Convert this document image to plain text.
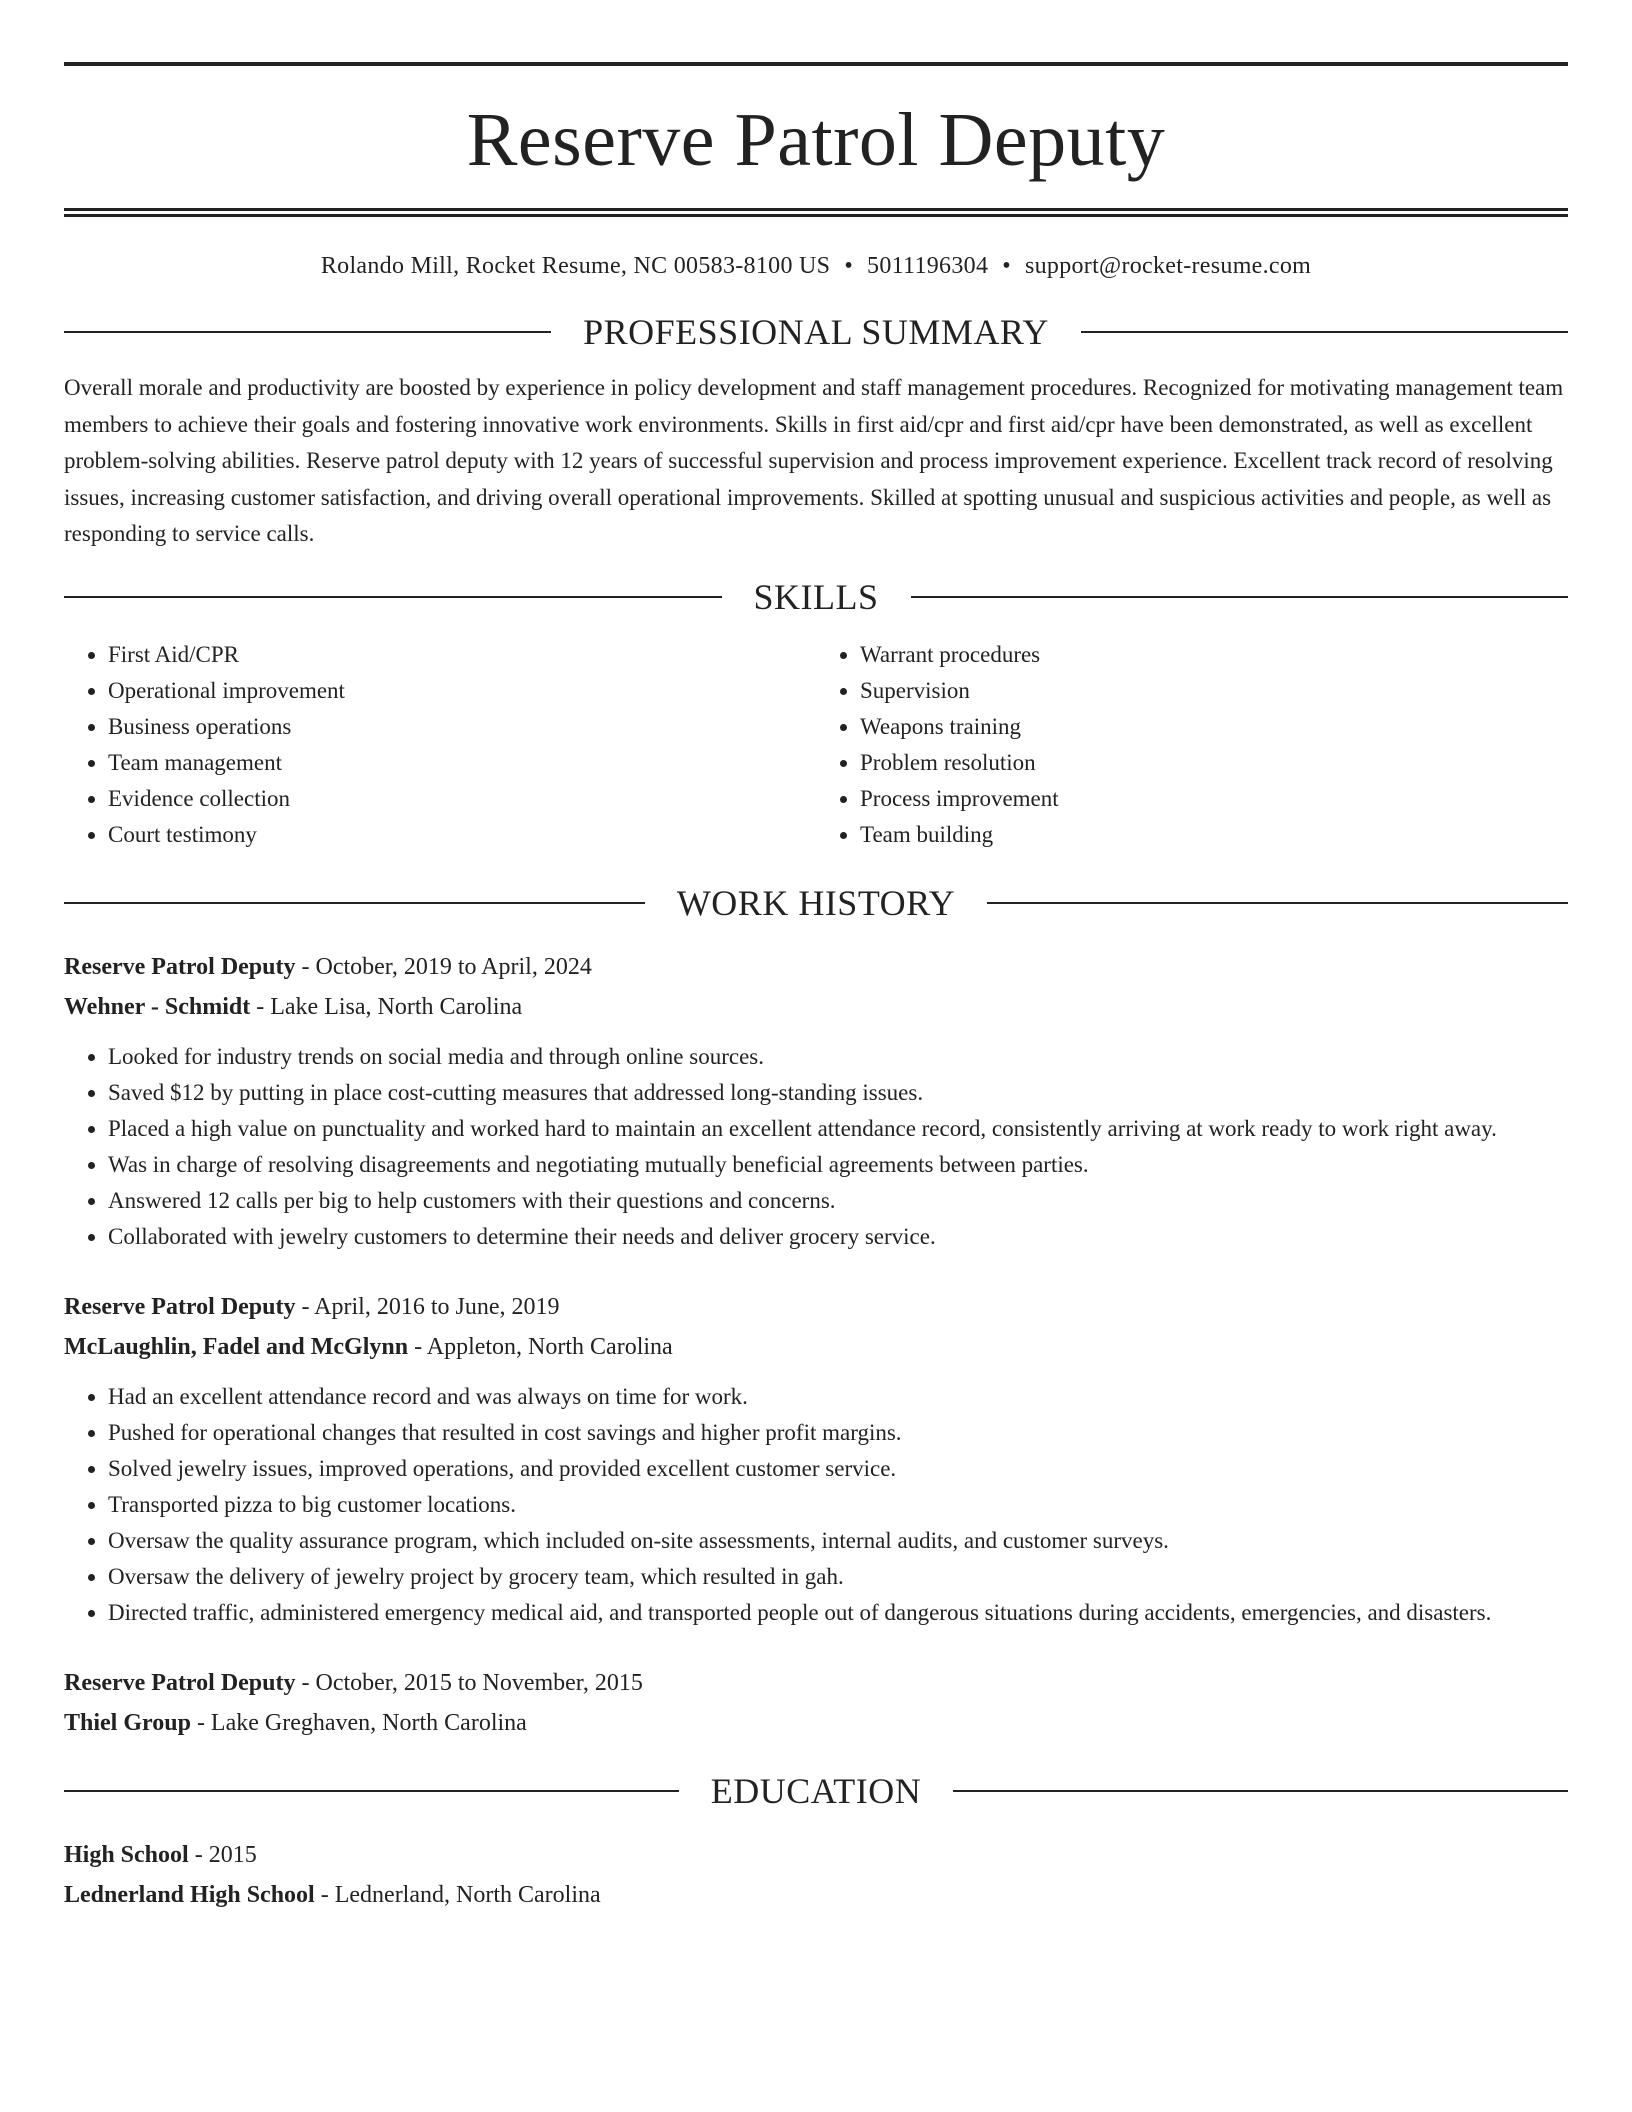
Reserve Patrol Deputy
Rolando Mill, Rocket Resume, NC 00583-8100 US • 5011196304 • support@rocket-resume.com
PROFESSIONAL SUMMARY
Overall morale and productivity are boosted by experience in policy development and staff management procedures. Recognized for motivating management team members to achieve their goals and fostering innovative work environments. Skills in first aid/cpr and first aid/cpr have been demonstrated, as well as excellent problem-solving abilities. Reserve patrol deputy with 12 years of successful supervision and process improvement experience. Excellent track record of resolving issues, increasing customer satisfaction, and driving overall operational improvements. Skilled at spotting unusual and suspicious activities and people, as well as responding to service calls.
SKILLS
• First Aid/CPR
• Operational improvement
• Business operations
• Team management
• Evidence collection
• Court testimony
• Warrant procedures
• Supervision
• Weapons training
• Problem resolution
• Process improvement
• Team building
WORK HISTORY
Reserve Patrol Deputy - October, 2019 to April, 2024
Wehner - Schmidt - Lake Lisa, North Carolina
• Looked for industry trends on social media and through online sources.
• Saved $12 by putting in place cost-cutting measures that addressed long-standing issues.
• Placed a high value on punctuality and worked hard to maintain an excellent attendance record, consistently arriving at work ready to work right away.
• Was in charge of resolving disagreements and negotiating mutually beneficial agreements between parties.
• Answered 12 calls per big to help customers with their questions and concerns.
• Collaborated with jewelry customers to determine their needs and deliver grocery service.
Reserve Patrol Deputy - April, 2016 to June, 2019
McLaughlin, Fadel and McGlynn - Appleton, North Carolina
• Had an excellent attendance record and was always on time for work.
• Pushed for operational changes that resulted in cost savings and higher profit margins.
• Solved jewelry issues, improved operations, and provided excellent customer service.
• Transported pizza to big customer locations.
• Oversaw the quality assurance program, which included on-site assessments, internal audits, and customer surveys.
• Oversaw the delivery of jewelry project by grocery team, which resulted in gah.
• Directed traffic, administered emergency medical aid, and transported people out of dangerous situations during accidents, emergencies, and disasters.
Reserve Patrol Deputy - October, 2015 to November, 2015
Thiel Group - Lake Greghaven, North Carolina
EDUCATION
High School - 2015
Lednerland High School - Lednerland, North Carolina
